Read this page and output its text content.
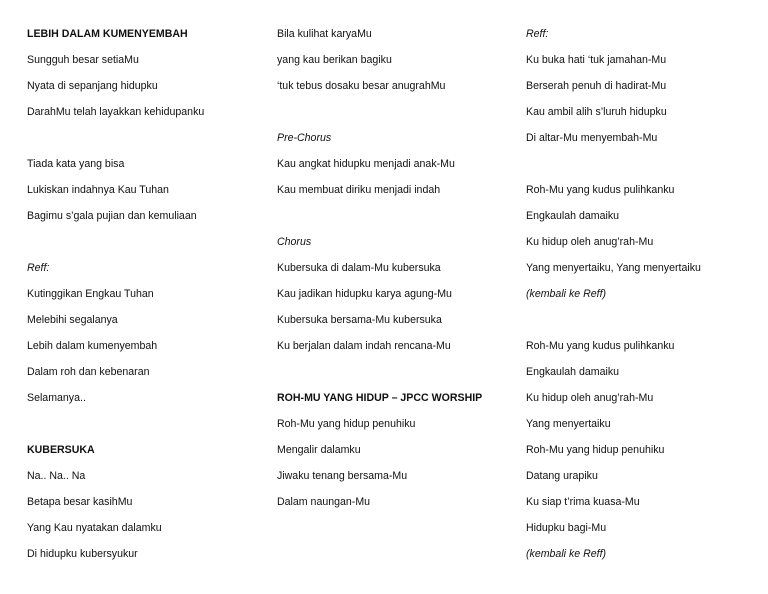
LEBIH DALAM KUMENYEMBAH
Sungguh besar setiaMu
Nyata di sepanjang hidupku
DarahMu telah layakkan kehidupanku
Tiada kata yang bisa
Lukiskan indahnya Kau Tuhan
Bagimu s’gala pujian dan kemuliaan
Reff:
Kutinggikan Engkau Tuhan
Melebihi segalanya
Lebih dalam kumenyembah
Dalam roh dan kebenaran
Selamanya..
KUBERSUKA
Na.. Na.. Na
Betapa besar kasihMu
Yang Kau nyatakan dalamku
Di hidupku kubersyukur
Bila kulihat karyaMu
yang kau berikan bagiku
‘tuk tebus dosaku besar anugrahMu
Pre-Chorus
Kau angkat hidupku menjadi anak-Mu
Kau membuat diriku menjadi indah
Chorus
Kubersuka di dalam-Mu kubersuka
Kau jadikan hidupku karya agung-Mu
Kubersuka bersama-Mu kubersuka
Ku berjalan dalam indah rencana-Mu
ROH-MU YANG HIDUP – JPCC WORSHIP
Roh-Mu yang hidup penuhiku
Mengalir dalamku
Jiwaku tenang bersama-Mu
Dalam naungan-Mu
Reff:
Ku buka hati ‘tuk jamahan-Mu
Berserah penuh di hadirat-Mu
Kau ambil alih s’luruh hidupku
Di altar-Mu menyembah-Mu
Roh-Mu yang kudus pulihkanku
Engkaulah damaiku
Ku hidup oleh anug’rah-Mu
Yang menyertaiku, Yang menyertaiku
(kembali ke Reff)
Roh-Mu yang kudus pulihkanku
Engkaulah damaiku
Ku hidup oleh anug’rah-Mu
Yang menyertaiku
Roh-Mu yang hidup penuhiku
Datang urapiku
Ku siap t’rima kuasa-Mu
Hidupku bagi-Mu
(kembali ke Reff)
